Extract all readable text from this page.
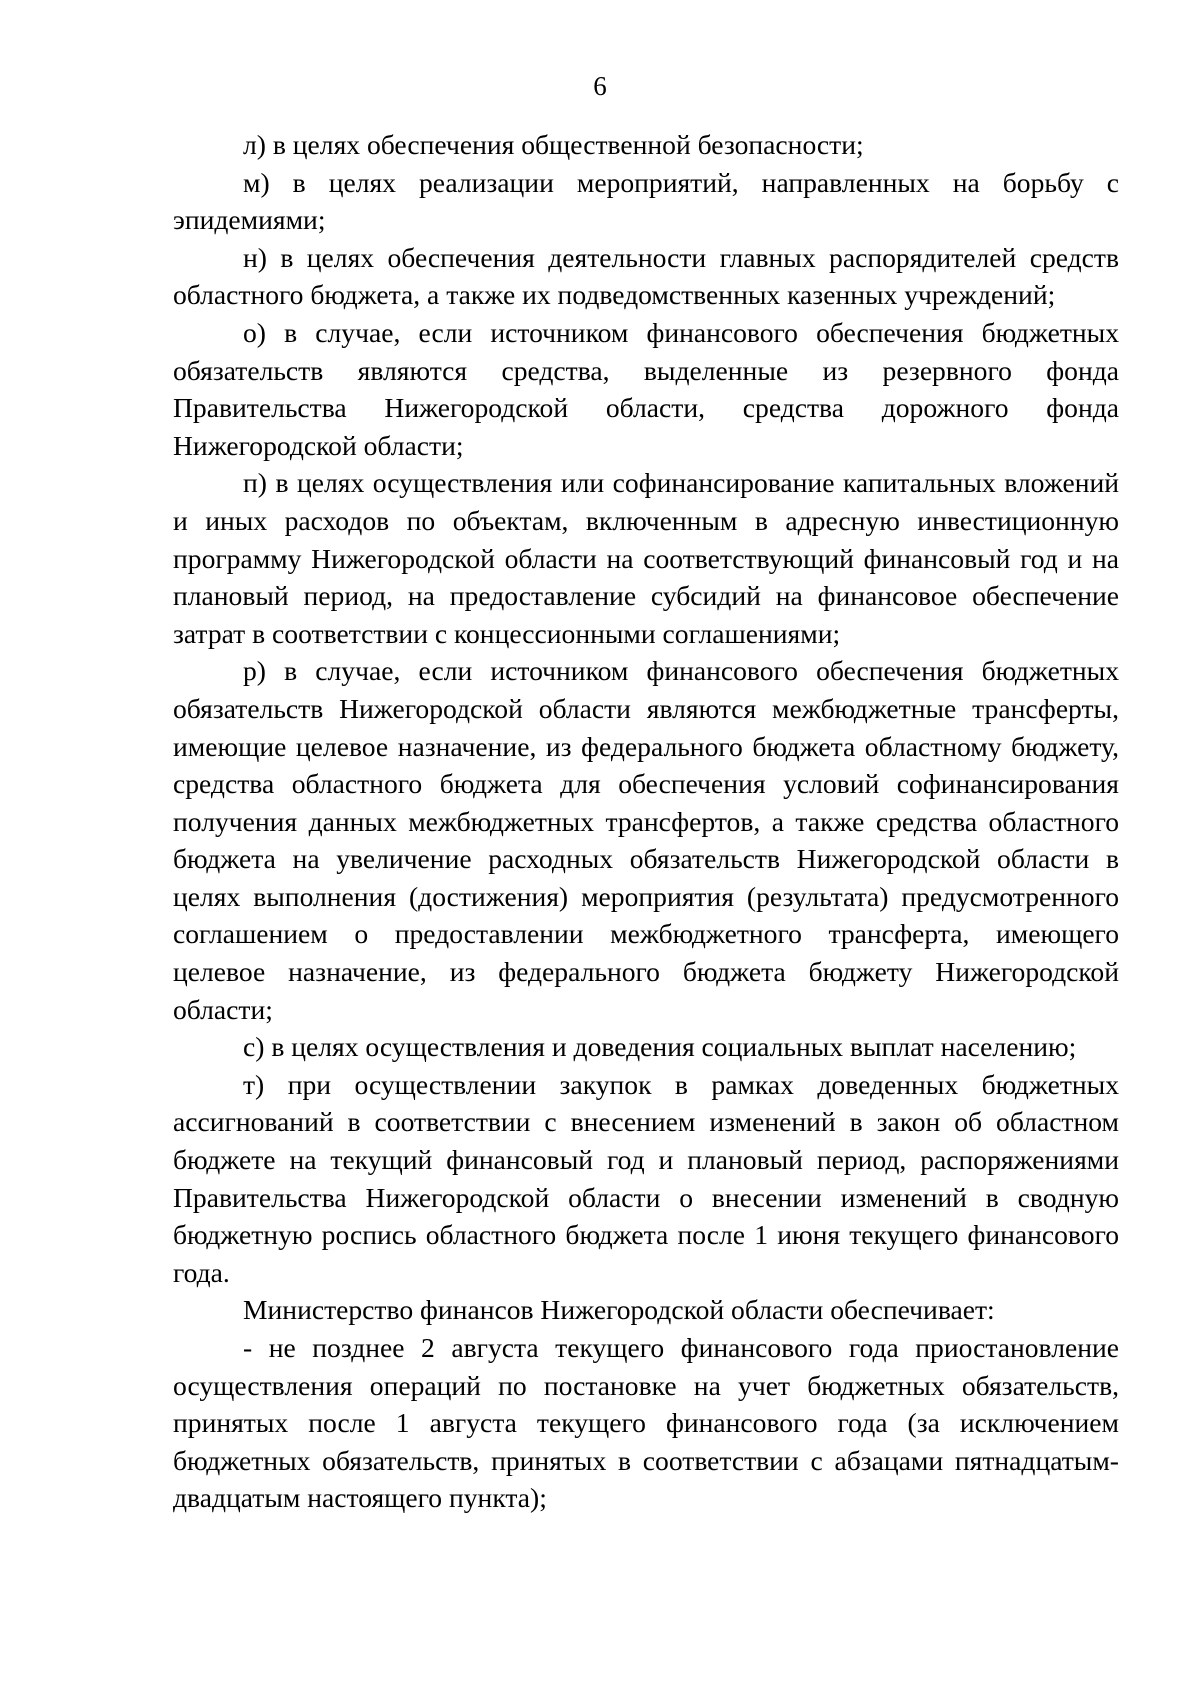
6

л) в целях обеспечения общественной безопасности;

м) в целях реализации мероприятий, направленных на борьбу с эпидемиями;

н) в целях обеспечения деятельности главных распорядителей средств областного бюджета, а также их подведомственных казенных учреждений;

о) в случае, если источником финансового обеспечения бюджетных обязательств являются средства, выделенные из резервного фонда Правительства Нижегородской области, средства дорожного фонда Нижегородской области;

п) в целях осуществления или софинансирование капитальных вложений и иных расходов по объектам, включенным в адресную инвестиционную программу Нижегородской области на соответствующий финансовый год и на плановый период, на предоставление субсидий на финансовое обеспечение затрат в соответствии с концессионными соглашениями;

р) в случае, если источником финансового обеспечения бюджетных обязательств Нижегородской области являются межбюджетные трансферты, имеющие целевое назначение, из федерального бюджета областному бюджету, средства областного бюджета для обеспечения условий софинансирования получения данных межбюджетных трансфертов, а также средства областного бюджета на увеличение расходных обязательств Нижегородской области в целях выполнения (достижения) мероприятия (результата) предусмотренного соглашением о предоставлении межбюджетного трансферта, имеющего целевое назначение, из федерального бюджета бюджету Нижегородской области;

с) в целях осуществления и доведения социальных выплат населению;

т) при осуществлении закупок в рамках доведенных бюджетных ассигнований в соответствии с внесением изменений в закон об областном бюджете на текущий финансовый год и плановый период, распоряжениями Правительства Нижегородской области о внесении изменений в сводную бюджетную роспись областного бюджета после 1 июня текущего финансового года.

Министерство финансов Нижегородской области обеспечивает:

- не позднее 2 августа текущего финансового года приостановление осуществления операций по постановке на учет бюджетных обязательств, принятых после 1 августа текущего финансового года (за исключением бюджетных обязательств, принятых в соответствии с абзацами пятнадцатым-двадцатым настоящего пункта);
